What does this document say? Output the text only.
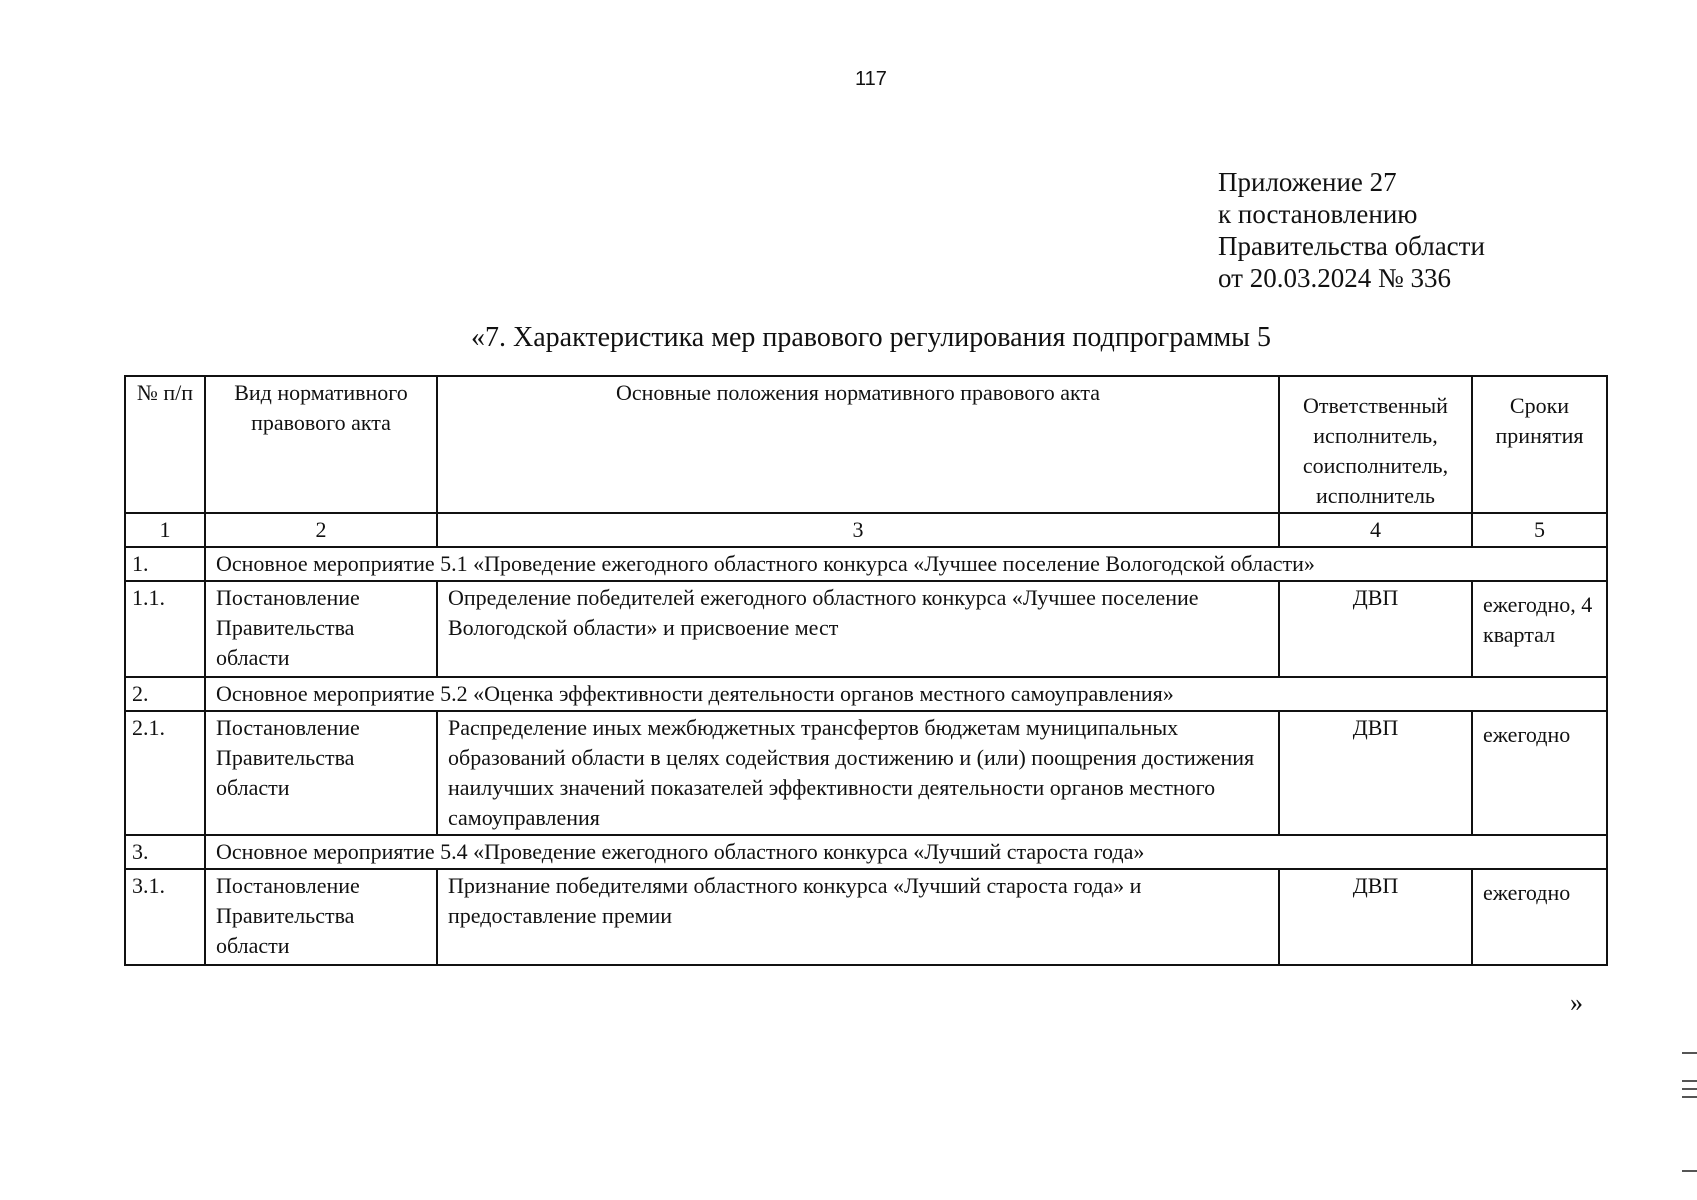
117
Приложение 27
к постановлению
Правительства области
от 20.03.2024 № 336
«7. Характеристика мер правового регулирования подпрограммы 5
№ п/п	Вид нормативного правового акта	Основные положения нормативного правового акта	Ответственный исполнитель, соисполнитель, исполнитель	Сроки принятия
1	2	3	4	5
1.	Основное мероприятие 5.1 «Проведение ежегодного областного конкурса «Лучшее поселение Вологодской области»			
1.1.	Постановление Правительства области	Определение победителей ежегодного областного конкурса «Лучшее поселение Вологодской области» и присвоение мест	ДВП	ежегодно, 4 квартал
2.	Основное мероприятие 5.2 «Оценка эффективности деятельности органов местного самоуправления»			
2.1.	Постановление Правительства области	Распределение иных межбюджетных трансфертов бюджетам муниципальных образований области в целях содействия достижению и (или) поощрения достижения наилучших значений показателей эффективности деятельности органов местного самоуправления	ДВП	ежегодно
3.	Основное мероприятие 5.4 «Проведение ежегодного областного конкурса «Лучший староста года»			
3.1.	Постановление Правительства области	Признание победителями областного конкурса «Лучший староста года» и предоставление премии	ДВП	ежегодно
»
